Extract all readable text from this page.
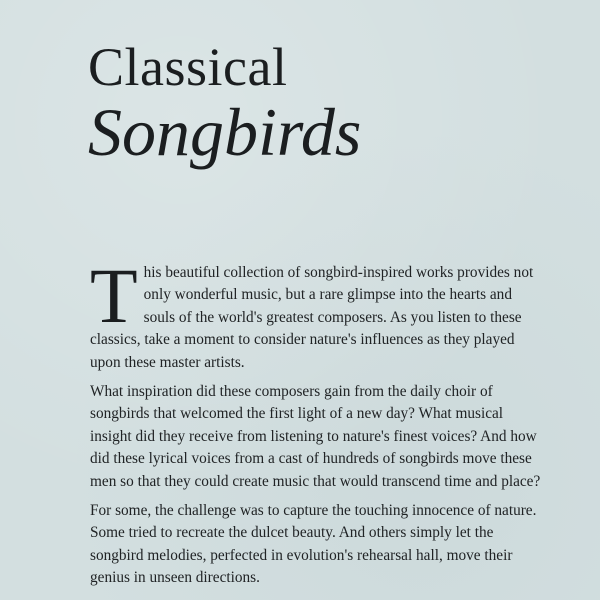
Classical
Songbirds

This beautiful collection of songbird-inspired works provides not only wonderful music, but a rare glimpse into the hearts and souls of the world's greatest composers. As you listen to these classics, take a moment to consider nature's influences as they played upon these master artists.

What inspiration did these composers gain from the daily choir of songbirds that welcomed the first light of a new day? What musical insight did they receive from listening to nature's finest voices? And how did these lyrical voices from a cast of hundreds of songbirds move these men so that they could create music that would transcend time and place?

For some, the challenge was to capture the touching innocence of nature. Some tried to recreate the dulcet beauty. And others simply let the songbird melodies, perfected in evolution's rehearsal hall, move their genius in unseen directions.
